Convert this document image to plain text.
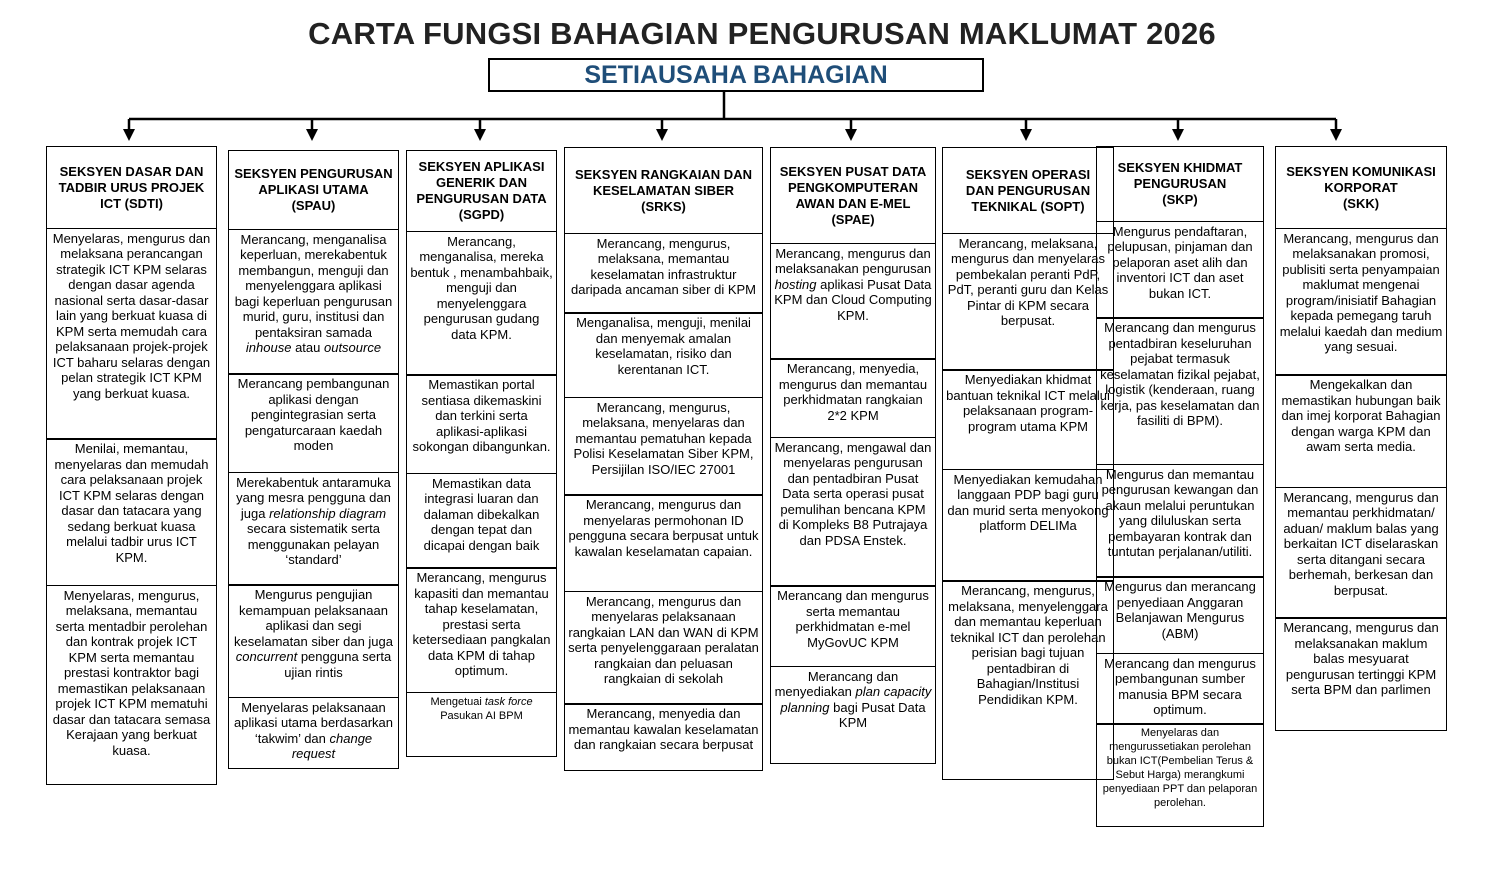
CARTA FUNGSI BAHAGIAN PENGURUSAN MAKLUMAT 2026
SETIAUSAHA BAHAGIAN
SEKSYEN DASAR DAN
TADBIR URUS PROJEK
ICT (SDTI)
Menyelaras, mengurus dan melaksana perancangan strategik ICT KPM selaras dengan dasar agenda nasional serta dasar-dasar lain yang berkuat kuasa di KPM serta memudah cara pelaksanaan projek-projek ICT baharu selaras dengan pelan strategik ICT KPM yang berkuat kuasa.
Menilai, memantau, menyelaras dan memudah cara pelaksanaan projek ICT KPM selaras dengan dasar dan tatacara yang sedang berkuat kuasa melalui tadbir urus ICT KPM.
Menyelaras, mengurus, melaksana, memantau serta mentadbir perolehan dan kontrak projek ICT KPM serta memantau prestasi kontraktor bagi memastikan pelaksanaan projek ICT KPM mematuhi dasar dan tatacara semasa Kerajaan yang berkuat kuasa.
SEKSYEN PENGURUSAN
APLIKASI UTAMA
(SPAU)
Merancang, menganalisa keperluan, merekabentuk membangun, menguji dan menyelenggara aplikasi bagi keperluan pengurusan murid, guru, institusi dan pentaksiran samada inhouse atau outsource
Merancang pembangunan aplikasi dengan pengintegrasian serta pengaturcaraan kaedah moden
Merekabentuk antaramuka yang mesra pengguna dan juga relationship diagram secara sistematik serta menggunakan pelayan ‘standard’
Mengurus pengujian kemampuan pelaksanaan aplikasi dan segi keselamatan siber dan juga concurrent pengguna serta ujian rintis
Menyelaras pelaksanaan aplikasi utama berdasarkan ‘takwim’ dan change request
SEKSYEN APLIKASI
GENERIK DAN
PENGURUSAN DATA
(SGPD)
Merancang, menganalisa, mereka bentuk , menambahbaik, menguji dan menyelenggara pengurusan gudang data KPM.
Memastikan portal sentiasa dikemaskini dan terkini serta aplikasi-aplikasi sokongan dibangunkan.
Memastikan data integrasi luaran dan dalaman dibekalkan dengan tepat dan dicapai dengan baik
Merancang, mengurus kapasiti dan memantau tahap keselamatan, prestasi serta ketersediaan pangkalan data KPM di tahap optimum.
Mengetuai task force Pasukan AI BPM
SEKSYEN RANGKAIAN DAN
KESELAMATAN SIBER
(SRKS)
Merancang, mengurus, melaksana, memantau keselamatan infrastruktur daripada ancaman siber di KPM
Menganalisa, menguji, menilai dan menyemak amalan keselamatan, risiko dan kerentanan ICT.
Merancang, mengurus, melaksana, menyelaras dan memantau pematuhan kepada Polisi Keselamatan Siber KPM, Persijilan ISO/IEC 27001
Merancang, mengurus dan menyelaras permohonan ID pengguna secara berpusat untuk kawalan keselamatan capaian.
Merancang, mengurus dan menyelaras pelaksanaan rangkaian LAN dan WAN di KPM serta penyelenggaraan peralatan rangkaian dan peluasan rangkaian di sekolah
Merancang, menyedia dan memantau kawalan keselamatan dan rangkaian secara berpusat
SEKSYEN PUSAT DATA
PENGKOMPUTERAN
AWAN DAN E-MEL
(SPAE)
Merancang, mengurus dan melaksanakan pengurusan hosting aplikasi Pusat Data KPM dan Cloud Computing KPM.
Merancang, menyedia, mengurus dan memantau perkhidmatan rangkaian 2*2 KPM
Merancang, mengawal dan menyelaras pengurusan dan pentadbiran Pusat Data serta operasi pusat pemulihan bencana KPM di Kompleks B8 Putrajaya dan PDSA Enstek.
Merancang dan mengurus serta memantau perkhidmatan e-mel MyGovUC KPM
Merancang dan menyediakan plan capacity planning bagi Pusat Data KPM
SEKSYEN OPERASI
DAN PENGURUSAN
TEKNIKAL (SOPT)
Merancang, melaksana, mengurus dan menyelaras pembekalan peranti PdP, PdT, peranti guru dan Kelas Pintar di KPM secara berpusat.
Menyediakan khidmat bantuan teknikal ICT melalui pelaksanaan program-program utama KPM
Menyediakan kemudahan langgaan PDP bagi guru dan murid serta menyokong platform DELIMa
Merancang, mengurus, melaksana, menyelenggara dan memantau keperluan teknikal ICT dan perolehan perisian bagi tujuan pentadbiran di Bahagian/Institusi Pendidikan KPM.
SEKSYEN KHIDMAT
PENGURUSAN
(SKP)
Mengurus pendaftaran, pelupusan, pinjaman dan pelaporan aset alih dan inventori ICT dan aset bukan ICT.
Merancang dan mengurus pentadbiran keseluruhan pejabat termasuk keselamatan fizikal pejabat, logistik (kenderaan, ruang kerja, pas keselamatan dan fasiliti di BPM).
Mengurus dan memantau pengurusan kewangan dan akaun melalui peruntukan yang diluluskan serta pembayaran kontrak dan tuntutan perjalanan/utiliti.
Mengurus dan merancang penyediaan Anggaran Belanjawan Mengurus (ABM)
Merancang dan mengurus pembangunan sumber manusia BPM secara optimum.
Menyelaras dan mengurussetiakan perolehan bukan ICT(Pembelian Terus & Sebut Harga) merangkumi penyediaan PPT dan pelaporan perolehan.
SEKSYEN KOMUNIKASI
KORPORAT
(SKK)
Merancang, mengurus dan melaksanakan promosi, publisiti serta penyampaian maklumat mengenai program/inisiatif Bahagian kepada pemegang taruh melalui kaedah dan medium yang sesuai.
Mengekalkan dan memastikan hubungan baik dan imej korporat Bahagian dengan warga KPM dan awam serta media.
Merancang, mengurus dan memantau perkhidmatan/ aduan/ maklum balas yang berkaitan ICT diselaraskan serta ditangani secara berhemah, berkesan dan berpusat.
Merancang, mengurus dan melaksanakan maklum balas mesyuarat pengurusan tertinggi KPM serta BPM dan parlimen
